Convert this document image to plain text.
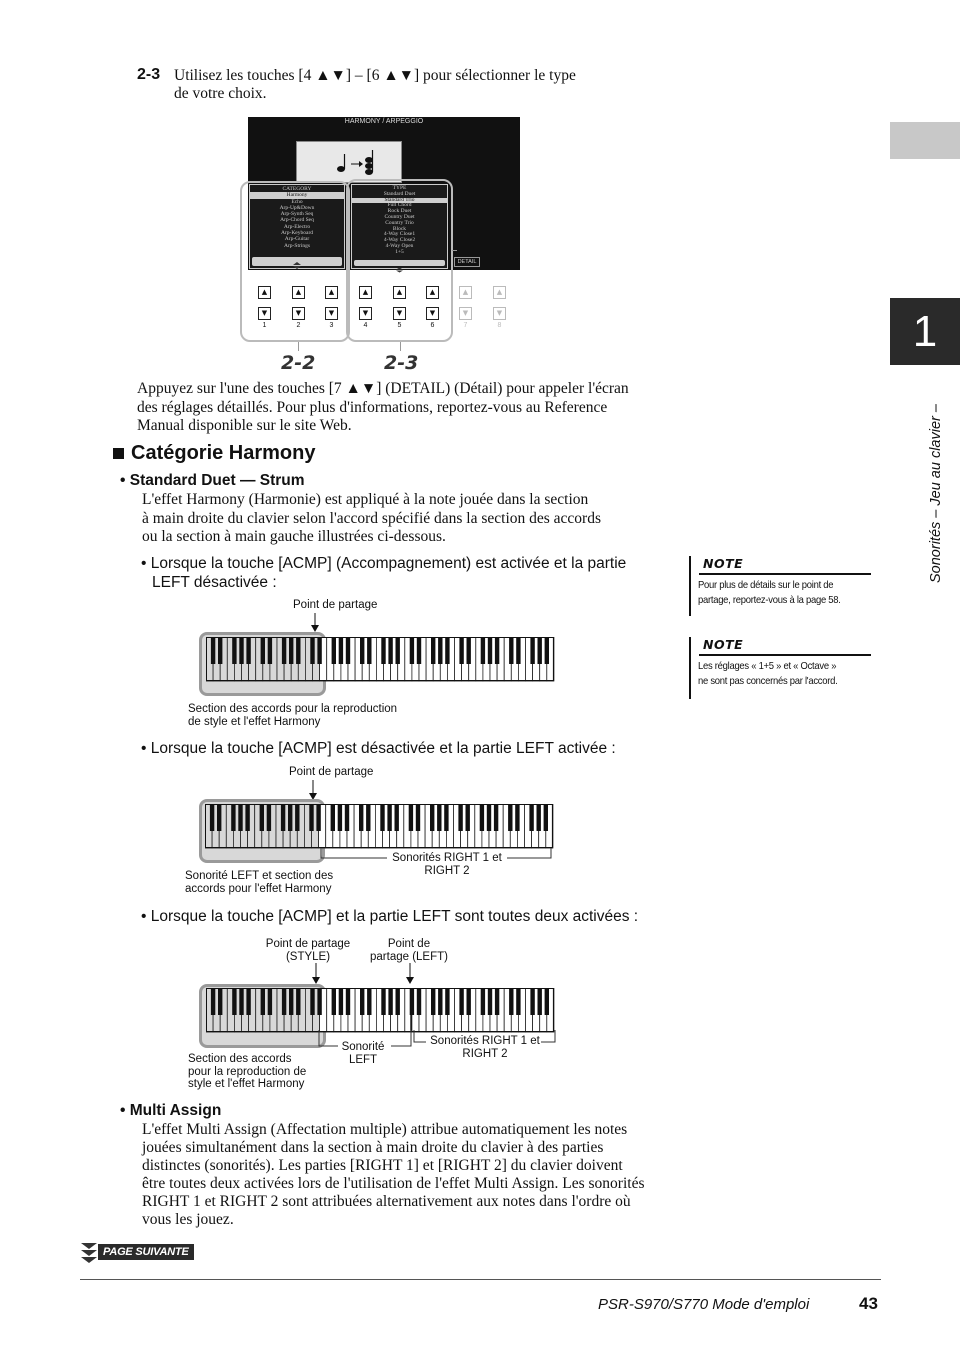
2-3 Utilisez les touches [4 ▲▼] – [6 ▲▼] pour sélectionner le type
de votre choix.
HARMONY / ARPEGGIO
DETAIL
CATEGORY
Harmony
Echo
Arp-Up&Down
Arp-Synth Seq
Arp-Chord Seq
Arp-Electro
Arp-Keyboard
Arp-Guitar
Arp-Strings
TYPE
Standard Duet
Standard Trio
Full Chord
Rock Duet
Country Duet
Country Trio
Block
4-Way Close1
4-Way Close2
4-Way Open
1+5
▲	▲	▲	▲	▲	▲	▲	▲
▼	▼	▼	▼	▼	▼	▼	▼
1	2	3	4	5	6	7	8
2-2	2-3
Appuyez sur l'une des touches [7 ▲▼] (DETAIL) (Détail) pour appeler l'écran
des réglages détaillés. Pour plus d'informations, reportez-vous au Reference
Manual disponible sur le site Web.
Catégorie Harmony
• Standard Duet — Strum
L'effet Harmony (Harmonie) est appliqué à la note jouée dans la section
à main droite du clavier selon l'accord spécifié dans la section des accords
ou la section à main gauche illustrées ci-dessous.
• Lorsque la touche [ACMP] (Accompagnement) est activée et la partie
LEFT désactivée :
Point de partage
Section des accords pour la reproduction
de style et l'effet Harmony
• Lorsque la touche [ACMP] est désactivée et la partie LEFT activée :
Point de partage
Sonorités RIGHT 1 et
RIGHT 2
Sonorité LEFT et section des
accords pour l'effet Harmony
• Lorsque la touche [ACMP] et la partie LEFT sont toutes deux activées :
Point de partage
(STYLE)
Point de
partage (LEFT)
Sonorités RIGHT 1 et
RIGHT 2
Sonorité
LEFT
Section des accords
pour la reproduction de
style et l'effet Harmony
• Multi Assign
L'effet Multi Assign (Affectation multiple) attribue automatiquement les notes
jouées simultanément dans la section à main droite du clavier à des parties
distinctes (sonorités). Les parties [RIGHT 1] et [RIGHT 2] du clavier doivent
être toutes deux activées lors de l'utilisation de l'effet Multi Assign. Les sonorités
RIGHT 1 et RIGHT 2 sont attribuées alternativement aux notes dans l'ordre où
vous les jouez.
NOTE
Pour plus de détails sur le point de
partage, reportez-vous à la page 58.
NOTE
Les réglages « 1+5 » et « Octave »
ne sont pas concernés par l'accord.
1
Sonorités – Jeu au clavier –
PAGE SUIVANTE
PSR-S970/S770 Mode d'emploi	43
